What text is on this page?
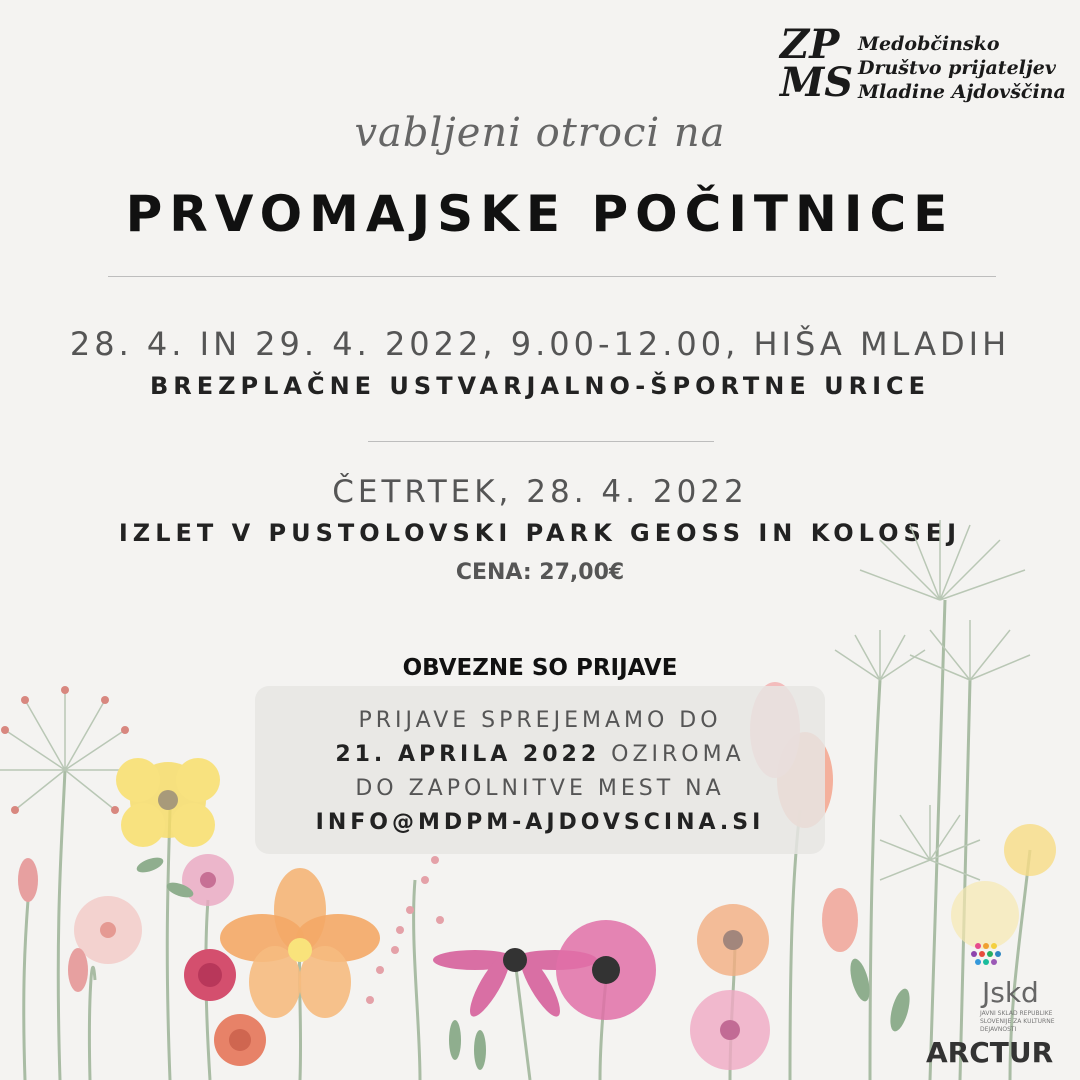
ZP
MS
Medobčinsko
Društvo prijateljev
Mladine Ajdovščina
vabljeni otroci na
PRVOMAJSKE POČITNICE
28. 4. IN 29. 4. 2022, 9.00-12.00, HIŠA MLADIH
BREZPLAČNE USTVARJALNO-ŠPORTNE URICE
ČETRTEK, 28. 4. 2022
IZLET V PUSTOLOVSKI PARK GEOSS IN KOLOSEJ
CENA: 27,00€
OBVEZNE SO PRIJAVE
PRIJAVE SPREJEMAMO DO
21. APRILA 2022 OZIROMA
DO ZAPOLNITVE MEST NA
INFO@MDPM-AJDOVSCINA.SI
Jskd
JAVNI SKLAD REPUBLIKE SLOVENIJE ZA KULTURNE DEJAVNOSTI
ARCTUR
